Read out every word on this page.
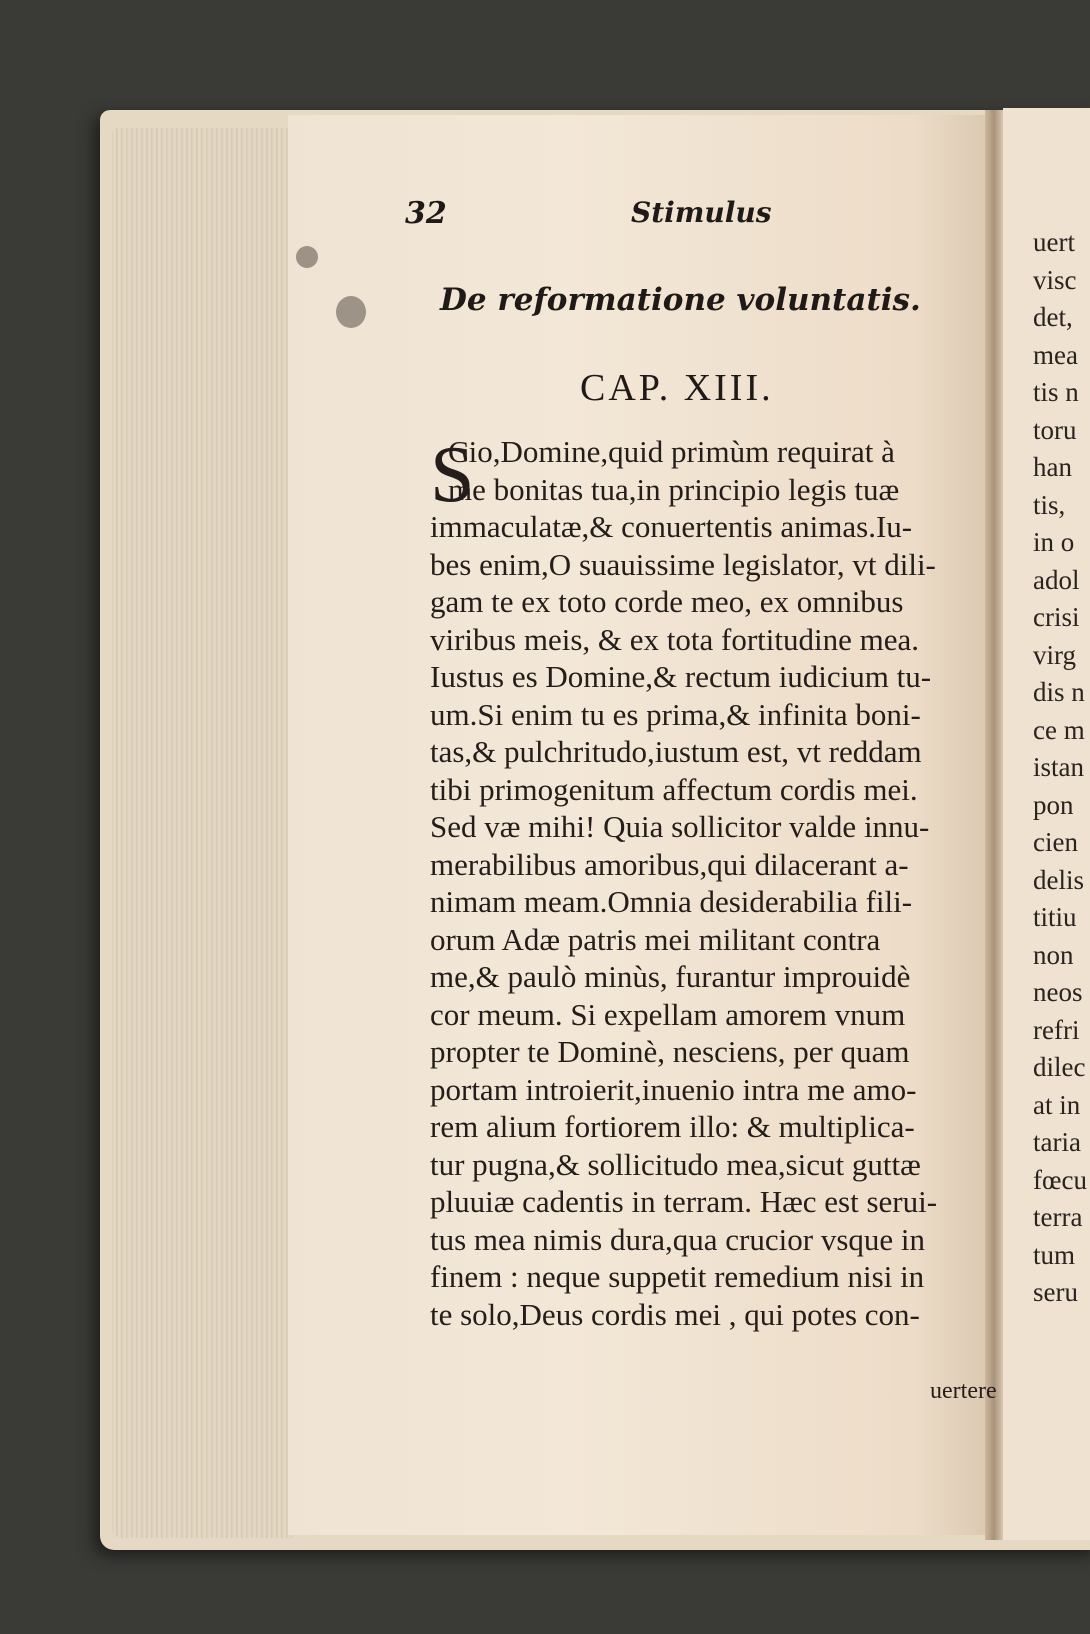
32	Stimulus
De reformatione voluntatis.
CAP. XIII.
S
Cio,Domine,quid primùm requirat à
me bonitas tua,in principio legis tuæ
immaculatæ,& conuertentis animas.Iu-
bes enim,O suauissime legislator, vt dili-
gam te ex toto corde meo, ex omnibus
viribus meis, & ex tota fortitudine mea.
Iustus es Domine,& rectum iudicium tu-
um.Si enim tu es prima,& infinita boni-
tas,& pulchritudo,iustum est, vt reddam
tibi primogenitum affectum cordis mei.
Sed væ mihi! Quia sollicitor valde innu-
merabilibus amoribus,qui dilacerant a-
nimam meam.Omnia desiderabilia fili-
orum Adæ patris mei militant contra
me,& paulò minùs, furantur improuidè
cor meum. Si expellam amorem vnum
propter te Dominè, nesciens, per quam
portam introierit,inuenio intra me amo-
rem alium fortiorem illo: & multiplica-
tur pugna,& sollicitudo mea,sicut guttæ
pluuiæ cadentis in terram. Hæc est serui-
tus mea nimis dura,qua crucior vsque in
finem : neque suppetit remedium nisi in
te solo,Deus cordis mei , qui potes con-
uertere
uert
visc
det,
mea
tis n
toru
han
tis,
in o
adol
crisi
virg
dis n
ce m
istan
pon
cien
delis
titiu
non
neos
refri
dilec
at in
taria
fœcu
terra
tum
seru
